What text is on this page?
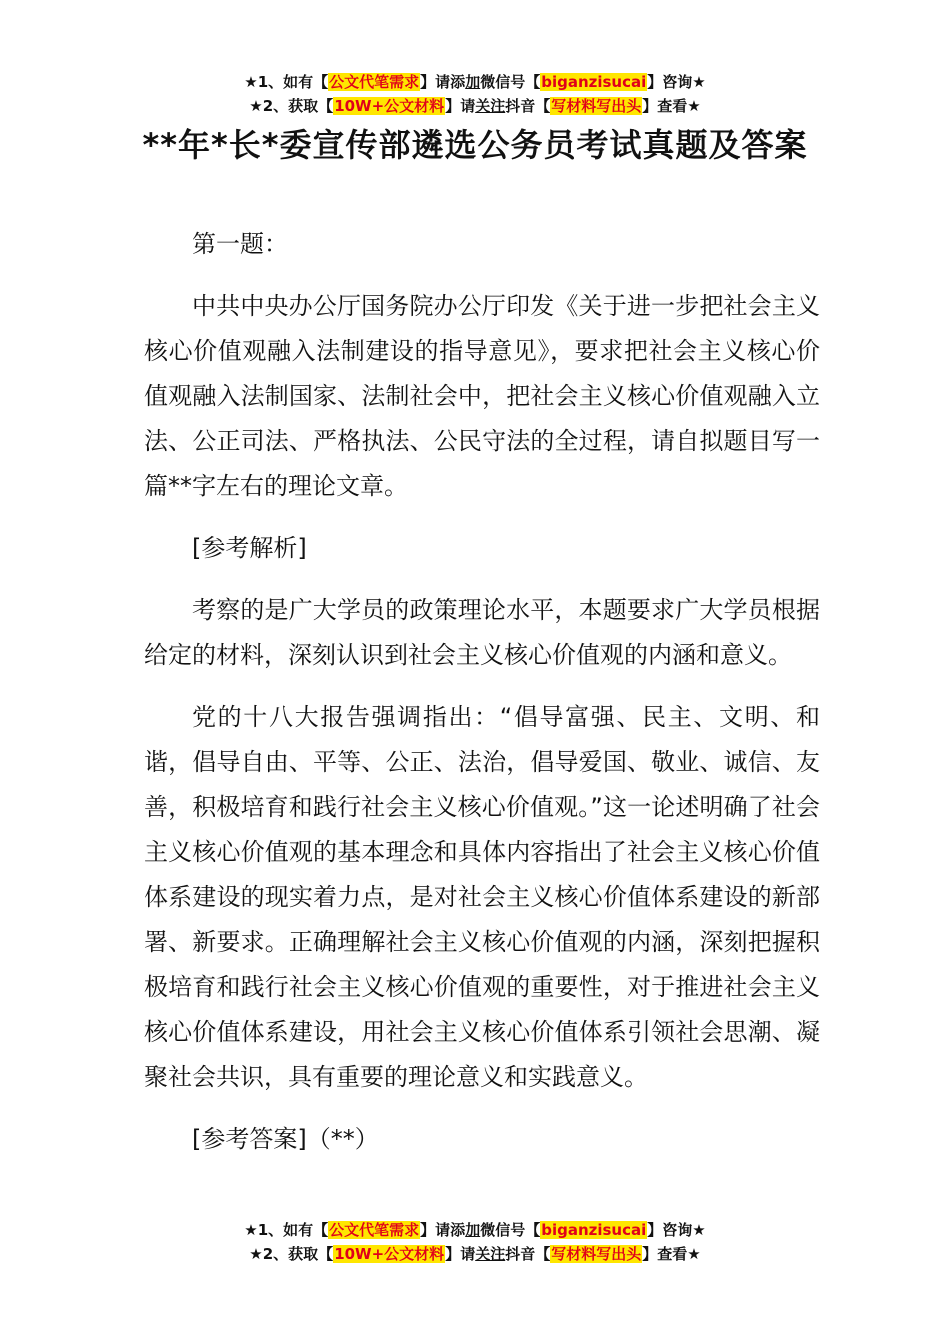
★1、如有【公文代笔需求】请添加微信号【biganzisucai】咨询★
★2、获取【10W+公文材料】请关注抖音【写材料写出头】查看★
**年*长*委宣传部遴选公务员考试真题及答案

第一题：

中共中央办公厅国务院办公厅印发《关于进一步把社会主义核心价值观融入法制建设的指导意见》，要求把社会主义核心价值观融入法制国家、法制社会中，把社会主义核心价值观融入立法、公正司法、严格执法、公民守法的全过程，请自拟题目写一篇**字左右的理论文章。

[参考解析]

考察的是广大学员的政策理论水平，本题要求广大学员根据给定的材料，深刻认识到社会主义核心价值观的内涵和意义。

党的十八大报告强调指出：“倡导富强、民主、文明、和谐，倡导自由、平等、公正、法治，倡导爱国、敬业、诚信、友善，积极培育和践行社会主义核心价值观。”这一论述明确了社会主义核心价值观的基本理念和具体内容指出了社会主义核心价值体系建设的现实着力点，是对社会主义核心价值体系建设的新部署、新要求。正确理解社会主义核心价值观的内涵，深刻把握积极培育和践行社会主义核心价值观的重要性，对于推进社会主义核心价值体系建设，用社会主义核心价值体系引领社会思潮、凝聚社会共识，具有重要的理论意义和实践意义。

[参考答案]（**）

★1、如有【公文代笔需求】请添加微信号【biganzisucai】咨询★
★2、获取【10W+公文材料】请关注抖音【写材料写出头】查看★
